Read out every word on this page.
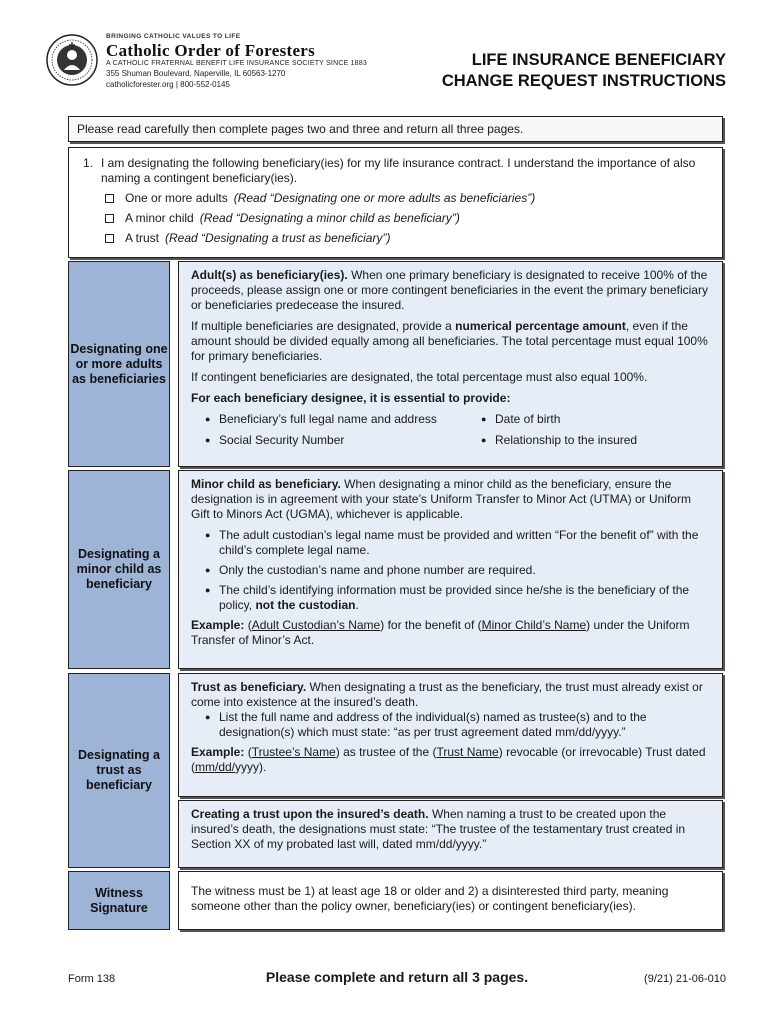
BRINGING CATHOLIC VALUES TO LIFE
Catholic Order of Foresters
A CATHOLIC FRATERNAL BENEFIT LIFE INSURANCE SOCIETY SINCE 1883
355 Shuman Boulevard, Naperville, IL 60563-1270
catholicforester.org | 800-552-0145
LIFE INSURANCE BENEFICIARY
CHANGE REQUEST INSTRUCTIONS
Please read carefully then complete pages two and three and return all three pages.
1. I am designating the following beneficiary(ies) for my life insurance contract. I understand the importance of also naming a contingent beneficiary(ies).
One or more adults (Read “Designating one or more adults as beneficiaries”)
A minor child (Read “Designating a minor child as beneficiary”)
A trust (Read “Designating a trust as beneficiary”)
Designating one or more adults as beneficiaries

Adult(s) as beneficiary(ies). When one primary beneficiary is designated to receive 100% of the proceeds, please assign one or more contingent beneficiaries in the event the primary beneficiary or beneficiaries predecease the insured.

If multiple beneficiaries are designated, provide a numerical percentage amount, even if the amount should be divided equally among all beneficiaries. The total percentage must equal 100% for primary beneficiaries.

If contingent beneficiaries are designated, the total percentage must also equal 100%.

For each beneficiary designee, it is essential to provide:

● Beneficiary’s full legal name and address	● Date of birth
● Social Security Number	● Relationship to the insured
Designating a minor child as beneficiary

Minor child as beneficiary. When designating a minor child as the beneficiary, ensure the designation is in agreement with your state’s Uniform Transfer to Minor Act (UTMA) or Uniform Gift to Minors Act (UGMA), whichever is applicable.

● The adult custodian’s legal name must be provided and written “For the benefit of” with the child’s complete legal name.
● Only the custodian’s name and phone number are required.
● The child’s identifying information must be provided since he/she is the beneficiary of the policy, not the custodian.

Example: (Adult Custodian’s Name) for the benefit of (Minor Child’s Name) under the Uniform Transfer of Minor’s Act.

Designating a trust as beneficiary

Trust as beneficiary. When designating a trust as the beneficiary, the trust must already exist or come into existence at the insured’s death.

● List the full name and address of the individual(s) named as trustee(s) and to the designation(s) which must state: “as per trust agreement dated mm/dd/yyyy.”

Example: (Trustee’s Name) as trustee of the (Trust Name) revocable (or irrevocable) Trust dated (mm/dd/yyyy).

Creating a trust upon the insured’s death. When naming a trust to be created upon the insured’s death, the designations must state: “The trustee of the testamentary trust created in Section XX of my probated last will, dated mm/dd/yyyy.”

Witness Signature
The witness must be 1) at least age 18 or older and 2) a disinterested third party, meaning someone other than the policy owner, beneficiary(ies) or contingent beneficiary(ies).
Form 138	Please complete and return all 3 pages.	(9/21) 21-06-010
